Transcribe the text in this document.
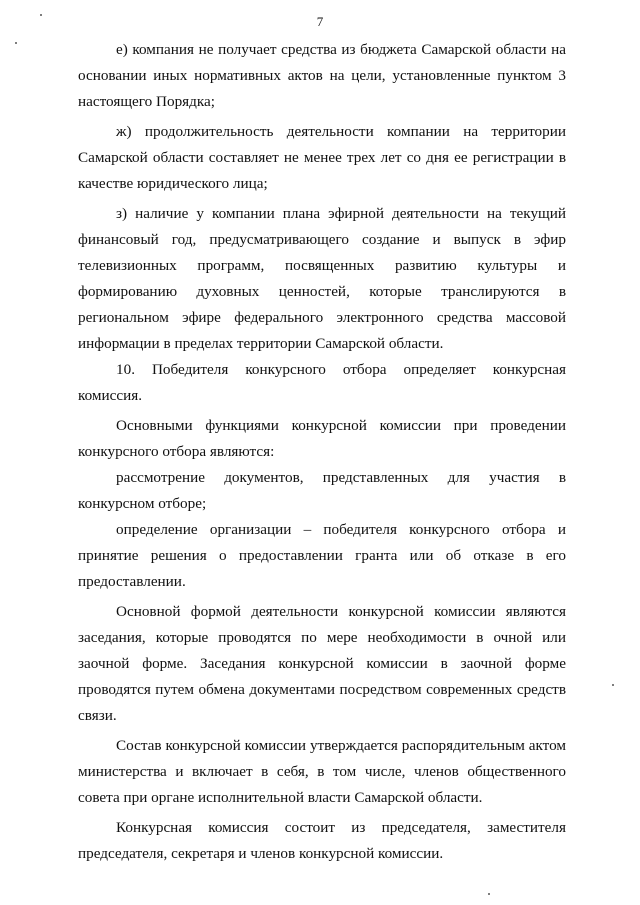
7

е) компания не получает средства из бюджета Самарской области на основании иных нормативных актов на цели, установленные пунктом 3 настоящего Порядка;

ж) продолжительность деятельности компании на территории Самарской области составляет не менее трех лет со дня ее регистрации в качестве юридического лица;

з) наличие у компании плана эфирной деятельности на текущий финансовый год, предусматривающего создание и выпуск в эфир телевизионных программ, посвященных развитию культуры и формированию духовных ценностей, которые транслируются в региональном эфире федерального электронного средства массовой информации в пределах территории Самарской области.

10. Победителя конкурсного отбора определяет конкурсная комиссия.

Основными функциями конкурсной комиссии при проведении конкурсного отбора являются:

рассмотрение документов, представленных для участия в конкурсном отборе;

определение организации – победителя конкурсного отбора и принятие решения о предоставлении гранта или об отказе в его предоставлении.

Основной формой деятельности конкурсной комиссии являются заседания, которые проводятся по мере необходимости в очной или заочной форме. Заседания конкурсной комиссии в заочной форме проводятся путем обмена документами посредством современных средств связи.

Состав конкурсной комиссии утверждается распорядительным актом министерства и включает в себя, в том числе, членов общественного совета при органе исполнительной власти Самарской области.

Конкурсная комиссия состоит из председателя, заместителя председателя, секретаря и членов конкурсной комиссии.
